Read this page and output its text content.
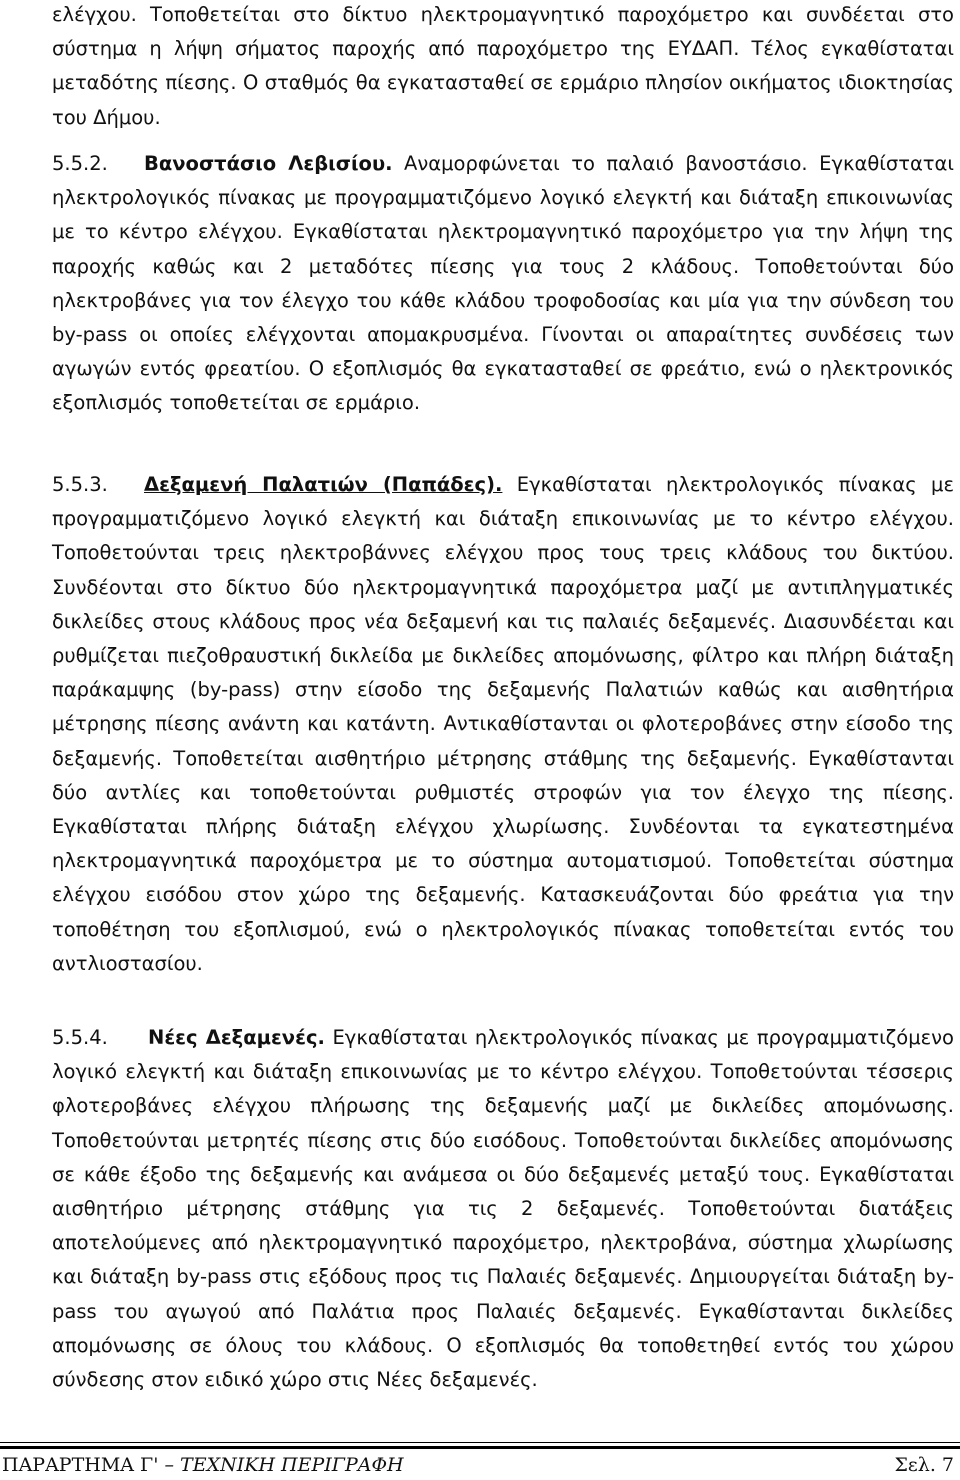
ελέγχου. Τοποθετείται στο δίκτυο ηλεκτρομαγνητικό παροχόμετρο και συνδέεται στο σύστημα η λήψη σήματος παροχής από παροχόμετρο της ΕΥΔΑΠ. Τέλος εγκαθίσταται μεταδότης πίεσης. Ο σταθμός θα εγκατασταθεί σε ερμάριο πλησίον οικήματος ιδιοκτησίας του Δήμου.

5.5.2. Βανοστάσιο Λεβισίου. Αναμορφώνεται το παλαιό βανοστάσιο. Εγκαθίσταται ηλεκτρολογικός πίνακας με προγραμματιζόμενο λογικό ελεγκτή και διάταξη επικοινωνίας με το κέντρο ελέγχου. Εγκαθίσταται ηλεκτρομαγνητικό παροχόμετρο για την λήψη της παροχής καθώς και 2 μεταδότες πίεσης για τους 2 κλάδους. Τοποθετούνται δύο ηλεκτροβάνες για τον έλεγχο του κάθε κλάδου τροφοδοσίας και μία για την σύνδεση του by-pass οι οποίες ελέγχονται απομακρυσμένα. Γίνονται οι απαραίτητες συνδέσεις των αγωγών εντός φρεατίου. Ο εξοπλισμός θα εγκατασταθεί σε φρεάτιο, ενώ ο ηλεκτρονικός εξοπλισμός τοποθετείται σε ερμάριο.

5.5.3. Δεξαμενή Παλατιών (Παπάδες). Εγκαθίσταται ηλεκτρολογικός πίνακας με προγραμματιζόμενο λογικό ελεγκτή και διάταξη επικοινωνίας με το κέντρο ελέγχου. Τοποθετούνται τρεις ηλεκτροβάννες ελέγχου προς τους τρεις κλάδους του δικτύου. Συνδέονται στο δίκτυο δύο ηλεκτρομαγνητικά παροχόμετρα μαζί με αντιπληγματικές δικλείδες στους κλάδους προς νέα δεξαμενή και τις παλαιές δεξαμενές. Διασυνδέεται και ρυθμίζεται πιεζοθραυστική δικλείδα με δικλείδες απομόνωσης, φίλτρο και πλήρη διάταξη παράκαμψης (by-pass) στην είσοδο της δεξαμενής Παλατιών καθώς και αισθητήρια μέτρησης πίεσης ανάντη και κατάντη. Αντικαθίστανται οι φλοτεροβάνες στην είσοδο της δεξαμενής. Τοποθετείται αισθητήριο μέτρησης στάθμης της δεξαμενής. Εγκαθίστανται δύο αντλίες και τοποθετούνται ρυθμιστές στροφών για τον έλεγχο της πίεσης. Εγκαθίσταται πλήρης διάταξη ελέγχου χλωρίωσης. Συνδέονται τα εγκατεστημένα ηλεκτρομαγνητικά παροχόμετρα με το σύστημα αυτοματισμού. Τοποθετείται σύστημα ελέγχου εισόδου στον χώρο της δεξαμενής. Κατασκευάζονται δύο φρεάτια για την τοποθέτηση του εξοπλισμού, ενώ ο ηλεκτρολογικός πίνακας τοποθετείται εντός του αντλιοστασίου.

5.5.4. Νέες Δεξαμενές. Εγκαθίσταται ηλεκτρολογικός πίνακας με προγραμματιζόμενο λογικό ελεγκτή και διάταξη επικοινωνίας με το κέντρο ελέγχου. Τοποθετούνται τέσσερις φλοτεροβάνες ελέγχου πλήρωσης της δεξαμενής μαζί με δικλείδες απομόνωσης. Τοποθετούνται μετρητές πίεσης στις δύο εισόδους. Τοποθετούνται δικλείδες απομόνωσης σε κάθε έξοδο της δεξαμενής και ανάμεσα οι δύο δεξαμενές μεταξύ τους. Εγκαθίσταται αισθητήριο μέτρησης στάθμης για τις 2 δεξαμενές. Τοποθετούνται διατάξεις αποτελούμενες από ηλεκτρομαγνητικό παροχόμετρο, ηλεκτροβάνα, σύστημα χλωρίωσης και διάταξη by-pass στις εξόδους προς τις Παλαιές δεξαμενές. Δημιουργείται διάταξη by-pass του αγωγού από Παλάτια προς Παλαιές δεξαμενές. Εγκαθίστανται δικλείδες απομόνωσης σε όλους του κλάδους. Ο εξοπλισμός θα τοποθετηθεί εντός του χώρου σύνδεσης στον ειδικό χώρο στις Νέες δεξαμενές.

ΠΑΡΑΡΤΗΜΑ Γ' – ΤΕΧΝΙΚΗ ΠΕΡΙΓΡΑΦΗ	Σελ. 7
